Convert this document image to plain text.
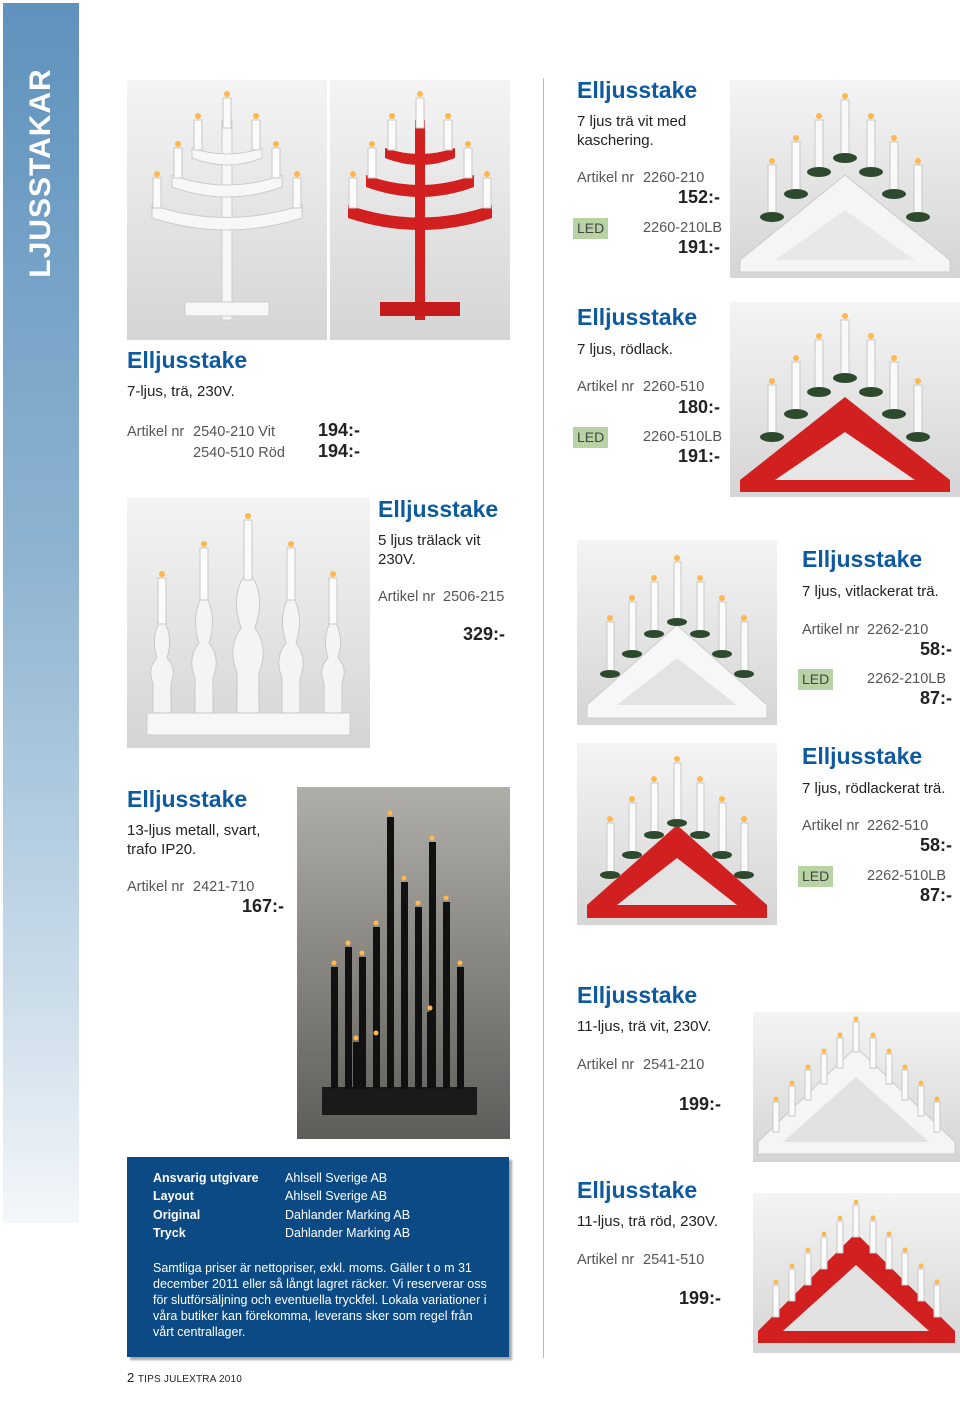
LJUSSTAKAR
Elljusstake
7-ljus, trä, 230V.
Artikel nr 2540-210 Vit 194:-
2540-510 Röd 194:-
Elljusstake
7 ljus trä vit med kaschering.
Artikel nr 2260-210
152:-
LED	2260-210LB
191:-
Elljusstake
7 ljus, rödlack.
Artikel nr 2260-510
180:-
LED	2260-510LB
191:-
Elljusstake
5 ljus trälack vit 230V.
Artikel nr 2506-215
329:-
Elljusstake
7 ljus, vitlackerat trä.
Artikel nr 2262-210
58:-
LED	2262-210LB
87:-
Elljusstake
7 ljus, rödlackerat trä.
Artikel nr 2262-510
58:-
LED	2262-510LB
87:-
Elljusstake
13-ljus metall, svart, trafo IP20.
Artikel nr 2421-710
167:-
Elljusstake
11-ljus, trä vit, 230V.
Artikel nr 2541-210
199:-
Elljusstake
11-ljus, trä röd, 230V.
Artikel nr 2541-510
199:-
Ansvarig utgivare Ahlsell Sverige AB
Layout	Ahlsell Sverige AB
Original	Dahlander Marking AB
Tryck	Dahlander Marking AB
Samtliga priser är nettopriser, exkl. moms. Gäller t o m 31 december 2011 eller så långt lagret räcker. Vi reserverar oss för slutförsäljning och eventuella tryckfel. Lokala variationer i våra butiker kan förekomma, leverans sker som regel från vårt centrallager.
2 TIPS JULEXTRA 2010
